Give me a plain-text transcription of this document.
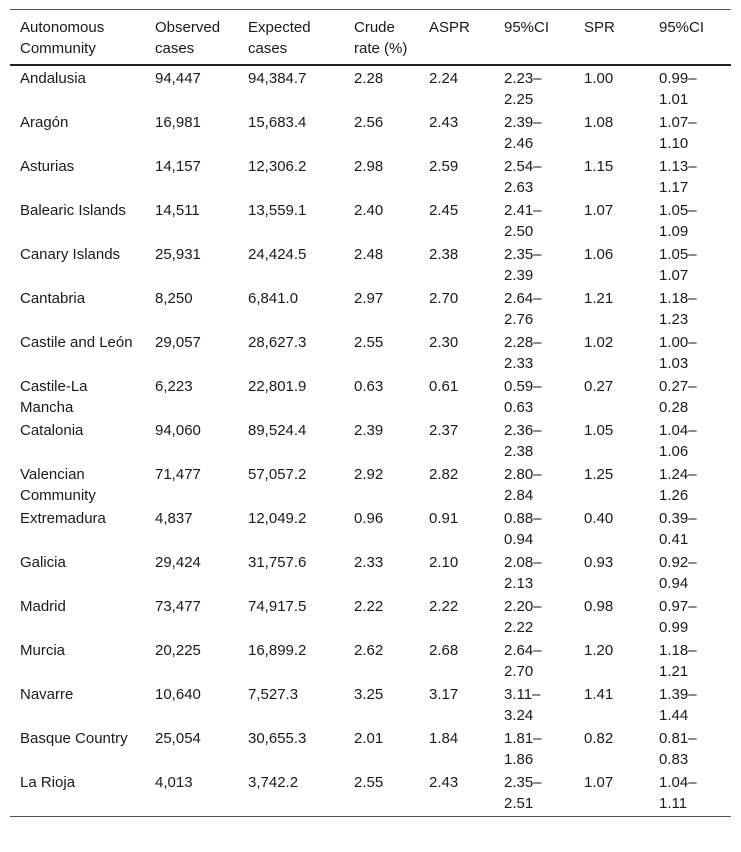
Autonomous Community	Observed cases	Expected cases	Crude rate (%)	ASPR	95%CI	SPR	95%CI
Andalusia	94,447	94,384.7	2.28	2.24	2.23–2.25	1.00	0.99–1.01
Aragón	16,981	15,683.4	2.56	2.43	2.39–2.46	1.08	1.07–1.10
Asturias	14,157	12,306.2	2.98	2.59	2.54–2.63	1.15	1.13–1.17
Balearic Islands	14,511	13,559.1	2.40	2.45	2.41–2.50	1.07	1.05–1.09
Canary Islands	25,931	24,424.5	2.48	2.38	2.35–2.39	1.06	1.05–1.07
Cantabria	8,250	6,841.0	2.97	2.70	2.64–2.76	1.21	1.18–1.23
Castile and León	29,057	28,627.3	2.55	2.30	2.28–2.33	1.02	1.00–1.03
Castile-La Mancha	6,223	22,801.9	0.63	0.61	0.59–0.63	0.27	0.27–0.28
Catalonia	94,060	89,524.4	2.39	2.37	2.36–2.38	1.05	1.04–1.06
Valencian Community	71,477	57,057.2	2.92	2.82	2.80–2.84	1.25	1.24–1.26
Extremadura	4,837	12,049.2	0.96	0.91	0.88–0.94	0.40	0.39–0.41
Galicia	29,424	31,757.6	2.33	2.10	2.08–2.13	0.93	0.92–0.94
Madrid	73,477	74,917.5	2.22	2.22	2.20–2.22	0.98	0.97–0.99
Murcia	20,225	16,899.2	2.62	2.68	2.64–2.70	1.20	1.18–1.21
Navarre	10,640	7,527.3	3.25	3.17	3.11–3.24	1.41	1.39–1.44
Basque Country	25,054	30,655.3	2.01	1.84	1.81–1.86	0.82	0.81–0.83
La Rioja	4,013	3,742.2	2.55	2.43	2.35–2.51	1.07	1.04–1.11
